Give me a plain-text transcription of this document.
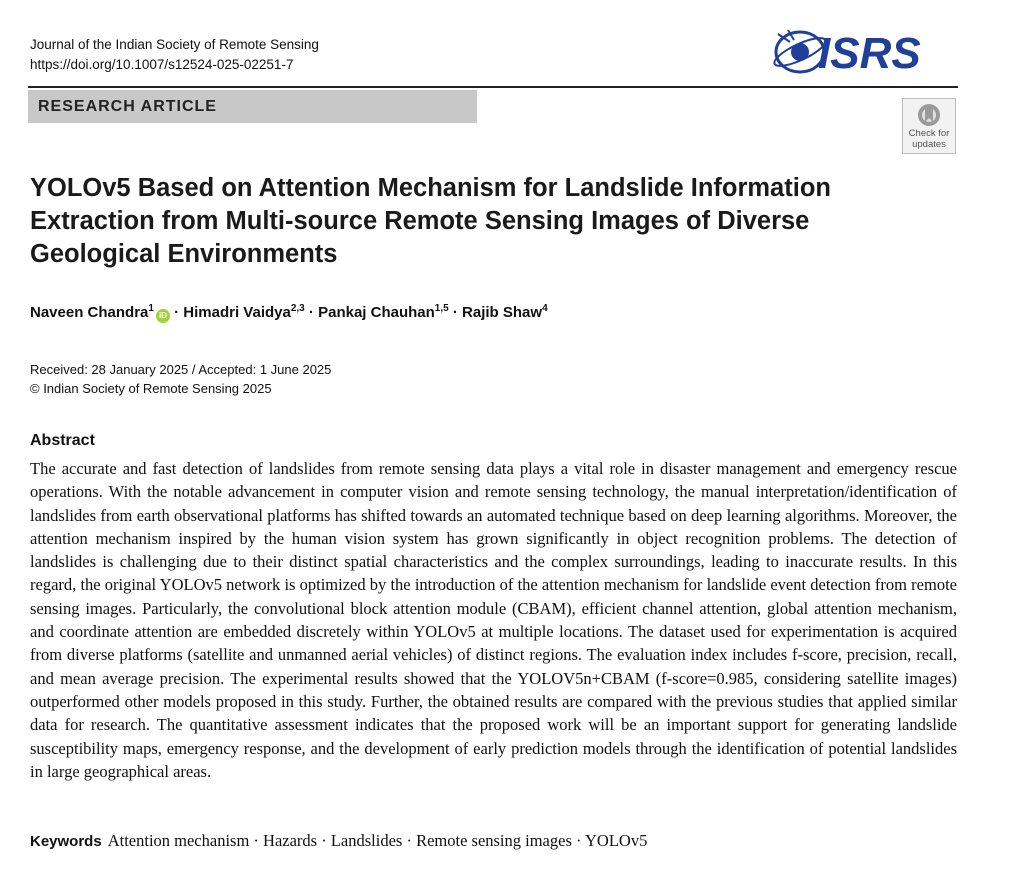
Journal of the Indian Society of Remote Sensing
https://doi.org/10.1007/s12524-025-02251-7	ISRS
RESEARCH ARTICLE
Check for
updates
YOLOv5 Based on Attention Mechanism for Landslide Information Extraction from Multi-source Remote Sensing Images of Diverse Geological Environments
Naveen Chandra$^1$iD · Himadri Vaidya$^{2,3}$ · Pankaj Chauhan$^{1,5}$ · Rajib Shaw$^4$
Received: 28 January 2025 / Accepted: 1 June 2025
© Indian Society of Remote Sensing 2025
Abstract
The accurate and fast detection of landslides from remote sensing data plays a vital role in disaster management and emergency rescue operations. With the notable advancement in computer vision and remote sensing technology, the manual interpretation/identification of landslides from earth observational platforms has shifted towards an automated technique based on deep learning algorithms. Moreover, the attention mechanism inspired by the human vision system has grown significantly in object recognition problems. The detection of landslides is challenging due to their distinct spatial characteristics and the complex surroundings, leading to inaccurate results. In this regard, the original YOLOv5 network is optimized by the introduction of the attention mechanism for landslide event detection from remote sensing images. Particularly, the convolutional block attention module (CBAM), efficient channel attention, global attention mechanism, and coordinate attention are embedded discretely within YOLOv5 at multiple locations. The dataset used for experimentation is acquired from diverse platforms (satellite and unmanned aerial vehicles) of distinct regions. The evaluation index includes f-score, precision, recall, and mean average precision. The experimental results showed that the YOLOV5n+CBAM (f-score=0.985, considering satellite images) outperformed other models proposed in this study. Further, the obtained results are compared with the previous studies that applied similar data for research. The quantitative assessment indicates that the proposed work will be an important support for generating landslide susceptibility maps, emergency response, and the development of early prediction models through the identification of potential landslides in large geographical areas.
Keywords Attention mechanism · Hazards · Landslides · Remote sensing images · YOLOv5
